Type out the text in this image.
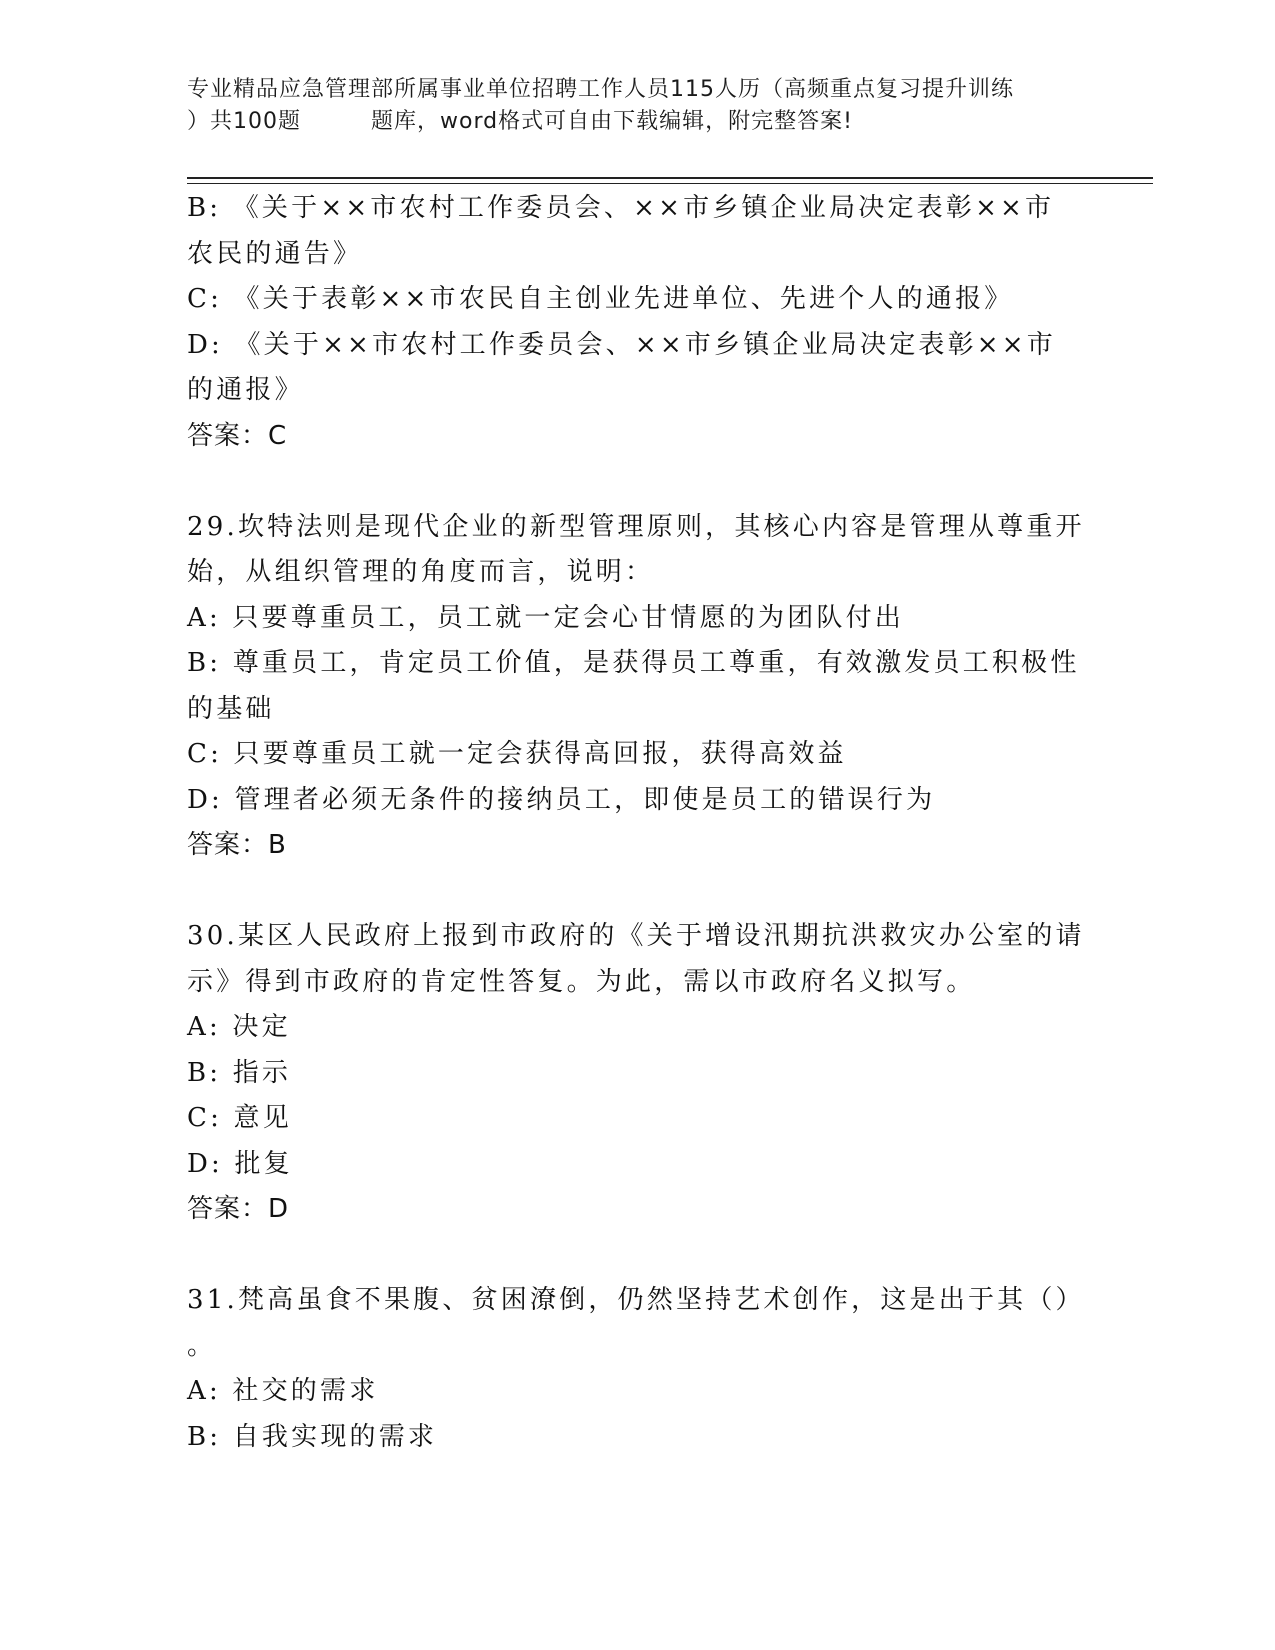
专业精品应急管理部所属事业单位招聘工作人员115人历（高频重点复习提升训练
）共100题	题库，word格式可自由下载编辑，附完整答案!
B: 《关于××市农村工作委员会、××市乡镇企业局决定表彰××市
农民的通告》
C: 《关于表彰××市农民自主创业先进单位、先进个人的通报》
D: 《关于××市农村工作委员会、××市乡镇企业局决定表彰××市
的通报》
答案：C
29.坎特法则是现代企业的新型管理原则，其核心内容是管理从尊重开
始，从组织管理的角度而言，说明：
A: 只要尊重员工，员工就一定会心甘情愿的为团队付出
B: 尊重员工，肯定员工价值，是获得员工尊重，有效激发员工积极性
的基础
C: 只要尊重员工就一定会获得高回报，获得高效益
D: 管理者必须无条件的接纳员工，即使是员工的错误行为
答案：B
30.某区人民政府上报到市政府的《关于增设汛期抗洪救灾办公室的请
示》得到市政府的肯定性答复。为此，需以市政府名义拟写。
A: 决定
B: 指示
C: 意见
D: 批复
答案：D
31.梵高虽食不果腹、贫困潦倒，仍然坚持艺术创作，这是出于其（）
。
A: 社交的需求
B: 自我实现的需求
